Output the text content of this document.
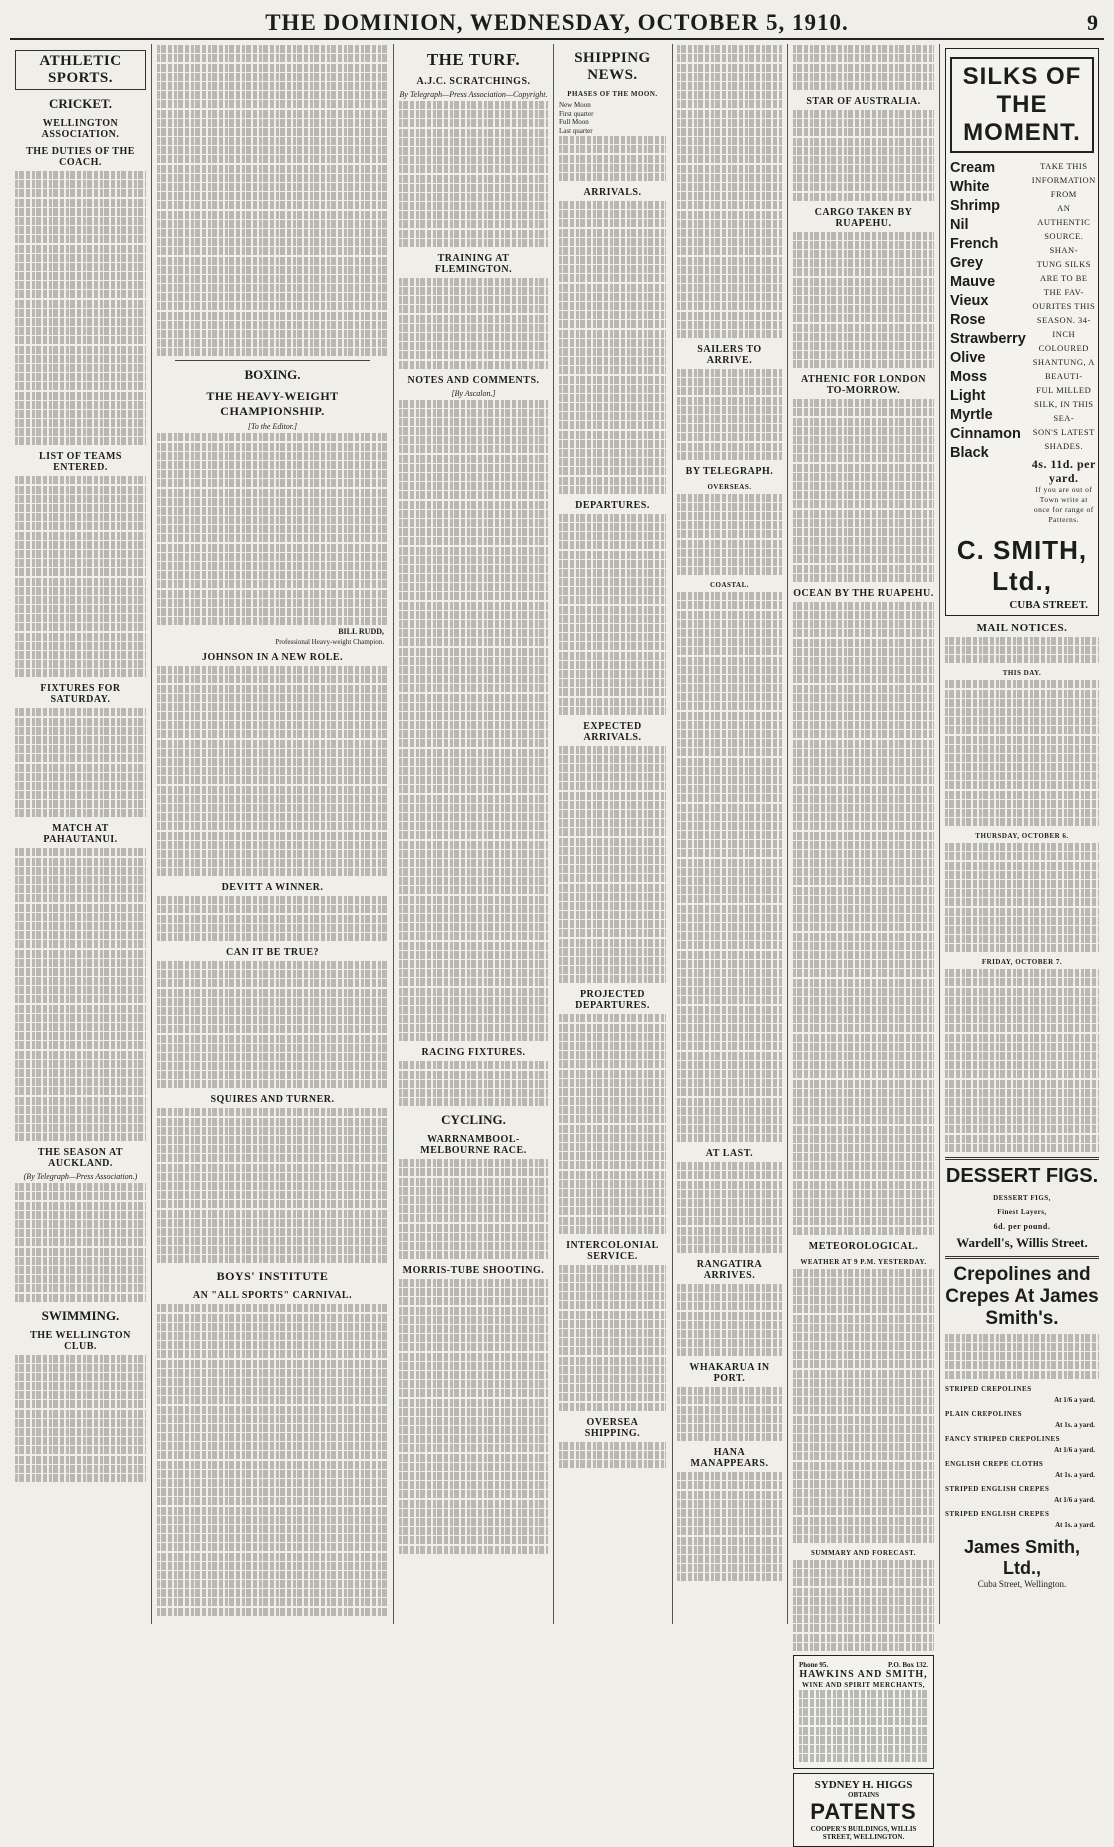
THE DOMINION, WEDNESDAY, OCTOBER 5, 1910.	9
ATHLETIC SPORTS.
CRICKET.
WELLINGTON ASSOCIATION.
THE DUTIES OF THE COACH.
LIST OF TEAMS ENTERED.
FIXTURES FOR SATURDAY.
MATCH AT PAHAUTANUI.
THE SEASON AT AUCKLAND.
(By Telegraph—Press Association.)
SWIMMING.
THE WELLINGTON CLUB.
BOXING.
THE HEAVY-WEIGHT CHAMPIONSHIP.
[To the Editor.]
BILL RUDD,
Professional Heavy-weight Champion.
JOHNSON IN A NEW ROLE.
DEVITT A WINNER.
CAN IT BE TRUE?
SQUIRES AND TURNER.
BOYS' INSTITUTE
AN "ALL SPORTS" CARNIVAL.
THE TURF.
A.J.C. SCRATCHINGS.
By Telegraph—Press Association—Copyright.
TRAINING AT FLEMINGTON.
NOTES AND COMMENTS.
[By Ascalon.]
RACING FIXTURES.
CYCLING.
WARRNAMBOOL-MELBOURNE RACE.
MORRIS-TUBE SHOOTING.
SHIPPING NEWS.
PHASES OF THE MOON.
New Moon
First quarter
Full Moon
Last quarter
ARRIVALS.
DEPARTURES.
EXPECTED ARRIVALS.
PROJECTED DEPARTURES.
INTERCOLONIAL SERVICE.
OVERSEA SHIPPING.
SAILERS TO ARRIVE.
BY TELEGRAPH.
OVERSEAS.
COASTAL.
AT LAST.
RANGATIRA ARRIVES.
WHAKARUA IN PORT.
HANA MANAPPEARS.
STAR OF AUSTRALIA.
CARGO TAKEN BY RUAPEHU.
ATHENIC FOR LONDON TO-MORROW.
OCEAN BY THE RUAPEHU.
METEOROLOGICAL.
WEATHER AT 9 P.M. YESTERDAY.
SUMMARY AND FORECAST.
Phone 95.	P.O. Box 132.
HAWKINS AND SMITH,
WINE AND SPIRIT MERCHANTS,
SYDNEY H. HIGGS
OBTAINS
PATENTS
COOPER'S BUILDINGS, WILLIS STREET, WELLINGTON.
SILKS OF THE MOMENT.
Cream
White
Shrimp
Nil
French Grey
Mauve
Vieux Rose
Strawberry
Olive
Moss
Light Myrtle
Cinnamon
Black
TAKE THIS INFORMATION FROM
AN AUTHENTIC SOURCE. SHAN-
TUNG SILKS ARE TO BE THE FAV-
OURITES THIS SEASON. 34-INCH
COLOURED SHANTUNG, A BEAUTI-
FUL MILLED SILK, IN THIS SEA-
SON'S LATEST SHADES.
4s. 11d. per yard.
If you are out of Town write at once for range of Patterns.
C. SMITH, Ltd.,
CUBA STREET.
MAIL NOTICES.
THIS DAY.
THURSDAY, OCTOBER 6.
FRIDAY, OCTOBER 7.
DESSERT FIGS.
DESSERT FIGS,
Finest Layers,
6d. per pound.
Wardell's, Willis Street.
Crepolines and Crepes At James Smith's.
STRIPED CREPOLINES
At 1/6 a yard.
PLAIN CREPOLINES
At 1s. a yard.
FANCY STRIPED CREPOLINES
At 1/6 a yard.
ENGLISH CREPE CLOTHS
At 1s. a yard.
STRIPED ENGLISH CREPES
At 1/6 a yard.
STRIPED ENGLISH CREPES
At 1s. a yard.
James Smith, Ltd.,
Cuba Street, Wellington.
